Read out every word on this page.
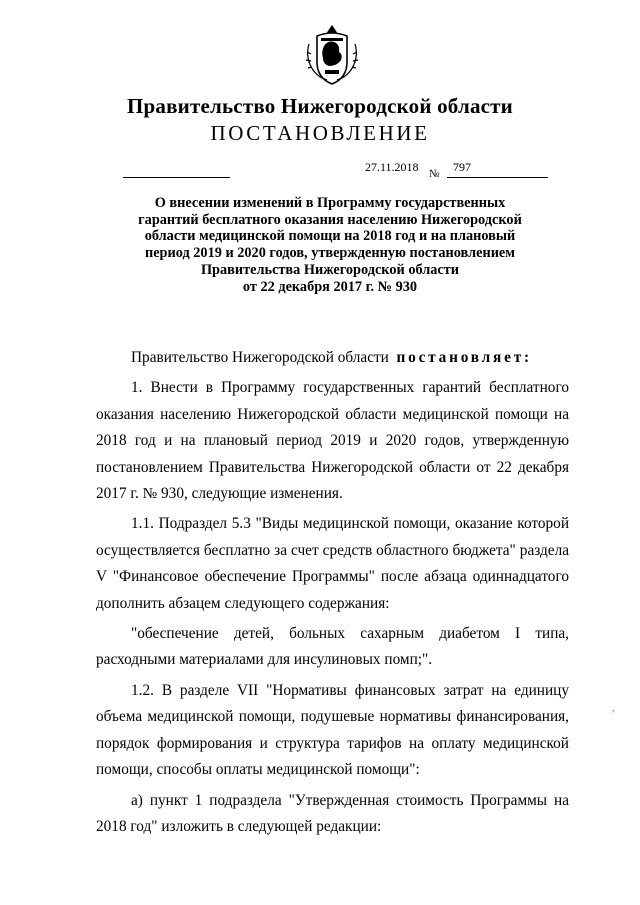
Правительство Нижегородской области
ПОСТАНОВЛЕНИЕ
27.11.2018 № 797
О внесении изменений в Программу государственных
гарантий бесплатного оказания населению Нижегородской
области медицинской помощи на 2018 год и на плановый
период 2019 и 2020 годов, утвержденную постановлением
Правительства Нижегородской области
от 22 декабря 2017 г. № 930

Правительство Нижегородской области постановляет:

1. Внести в Программу государственных гарантий бесплатного оказания населению Нижегородской области медицинской помощи на 2018 год и на плановый период 2019 и 2020 годов, утвержденную постановлением Правительства Нижегородской области от 22 декабря 2017 г. № 930, следующие изменения.

1.1. Подраздел 5.3 "Виды медицинской помощи, оказание которой осуществляется бесплатно за счет средств областного бюджета" раздела V "Финансовое обеспечение Программы" после абзаца одиннадцатого дополнить абзацем следующего содержания:

"обеспечение детей, больных сахарным диабетом I типа, расходными материалами для инсулиновых помп;".

1.2. В разделе VII "Нормативы финансовых затрат на единицу объема медицинской помощи, подушевые нормативы финансирования, порядок формирования и структура тарифов на оплату медицинской помощи, способы оплаты медицинской помощи":

а) пункт 1 подраздела "Утвержденная стоимость Программы на 2018 год" изложить в следующей редакции:

,
